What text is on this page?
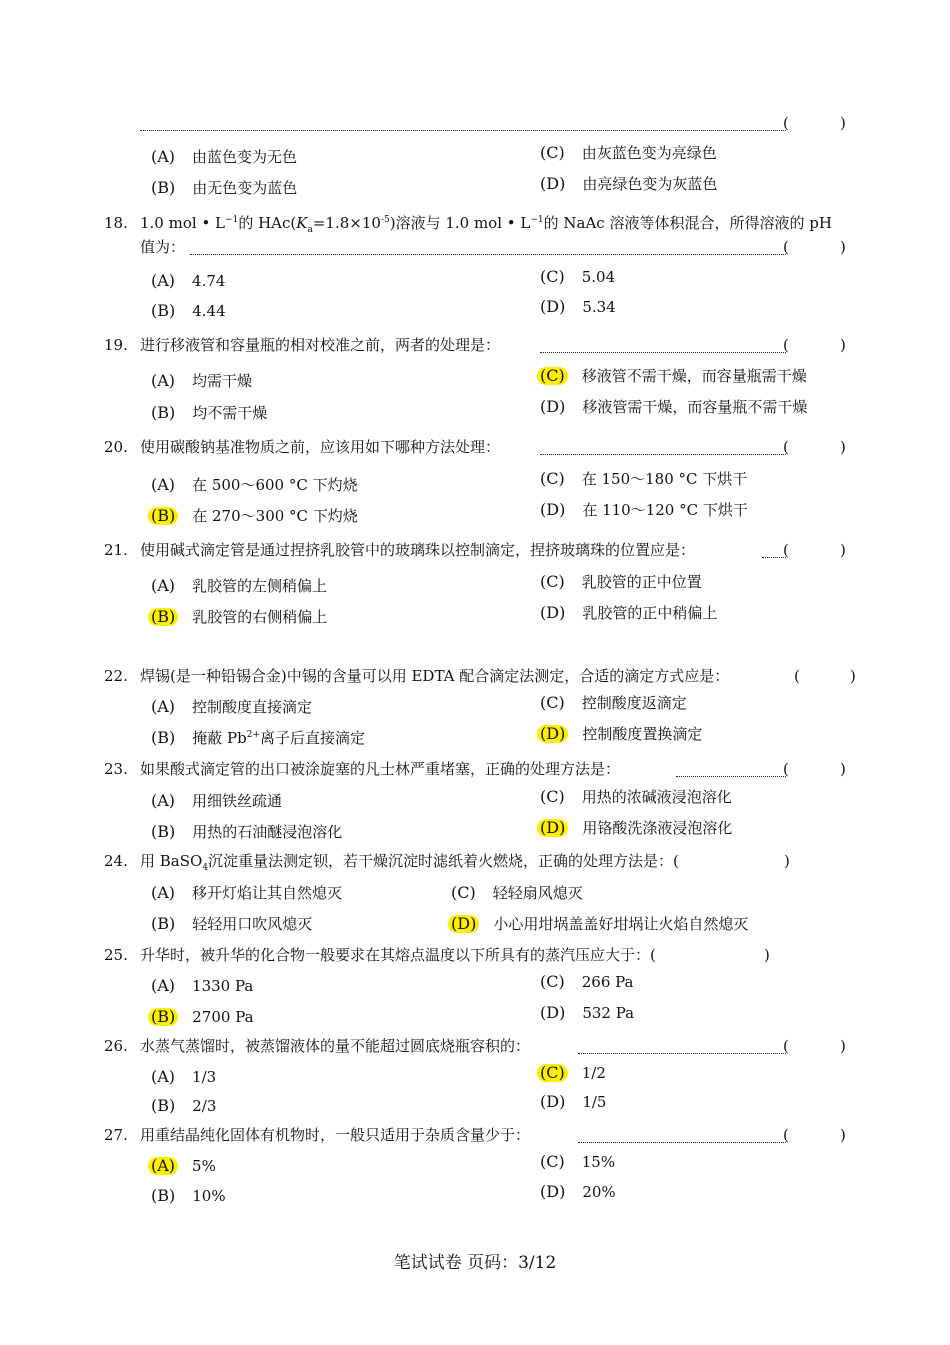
(	)
(A) 由蓝色变为无色
(B) 由无色变为蓝色
(C) 由灰蓝色变为亮绿色
(D) 由亮绿色变为灰蓝色
18. 1.0 mol • $L^{-1}$的 $HAc(K_a=1.8\times 10^{-5})$溶液与 1.0 mol • $L^{-1}$的 NaAc 溶液等体积混合，所得溶液的 pH
值为：	(	)
(A) 4.74
(B) 4.44
(C) 5.04
(D) 5.34
19. 进行移液管和容量瓶的相对校准之前，两者的处理是：	(	)
(A) 均需干燥
(B) 均不需干燥
(C) 移液管不需干燥，而容量瓶需干燥
(D) 移液管需干燥，而容量瓶不需干燥
20. 使用碳酸钠基准物质之前，应该用如下哪种方法处理：	(	)
(A) 在 500～600 °C 下灼烧
(B) 在 270～300 °C 下灼烧
(C) 在 150～180 °C 下烘干
(D) 在 110～120 °C 下烘干
21. 使用碱式滴定管是通过捏挤乳胶管中的玻璃珠以控制滴定，捏挤玻璃珠的位置应是：	(	)
(A) 乳胶管的左侧稍偏上
(B) 乳胶管的右侧稍偏上
(C) 乳胶管的正中位置
(D) 乳胶管的正中稍偏上
22. 焊锡(是一种铅锡合金)中锡的含量可以用 EDTA 配合滴定法测定，合适的滴定方式应是：	(	)
(A) 控制酸度直接滴定
(B) 掩蔽 $Pb^{2+}$离子后直接滴定
(C) 控制酸度返滴定
(D) 控制酸度置换滴定
23. 如果酸式滴定管的出口被涂旋塞的凡士林严重堵塞，正确的处理方法是：	(	)
(A) 用细铁丝疏通
(B) 用热的石油醚浸泡溶化
(C) 用热的浓碱液浸泡溶化
(D) 用铬酸洗涤液浸泡溶化
24. 用 BaSO$_4$沉淀重量法测定钡，若干燥沉淀时滤纸着火燃烧，正确的处理方法是：(	)
(A) 移开灯焰让其自然熄灭
(B) 轻轻用口吹风熄灭
(C) 轻轻扇风熄灭
(D) 小心用坩埚盖盖好坩埚让火焰自然熄灭
25. 升华时，被升华的化合物一般要求在其熔点温度以下所具有的蒸汽压应大于：(	)
(A) 1330 Pa
(B) 2700 Pa
(C) 266 Pa
(D) 532 Pa
26. 水蒸气蒸馏时，被蒸馏液体的量不能超过圆底烧瓶容积的：	(	)
(A) 1/3
(B) 2/3
(C) 1/2
(D) 1/5
27. 用重结晶纯化固体有机物时，一般只适用于杂质含量少于：	(	)
(A) 5%
(B) 10%
(C) 15%
(D) 20%
笔试试卷 页码：3/12
